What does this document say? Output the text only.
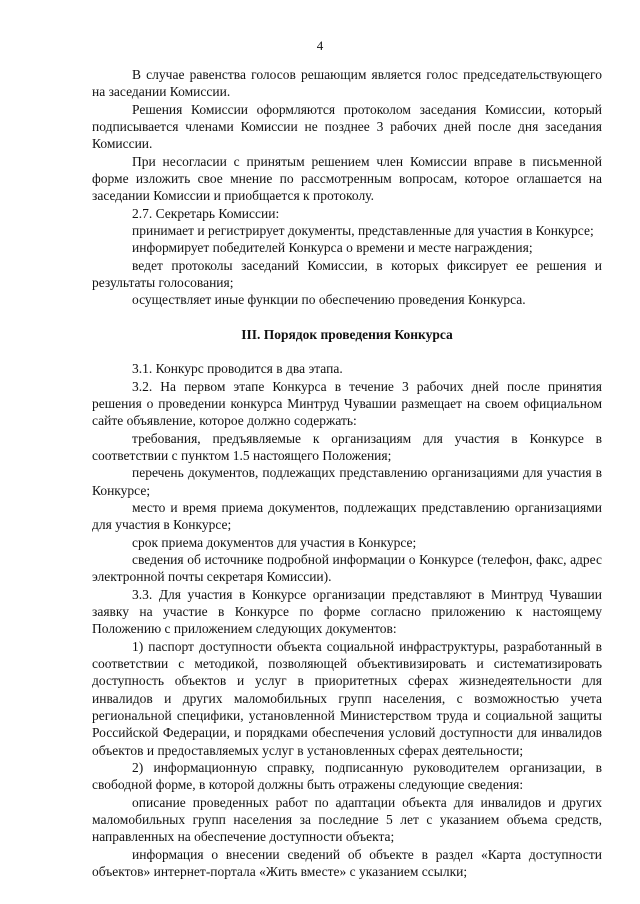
4

В случае равенства голосов решающим является голос председательствующего на заседании Комиссии.

Решения Комиссии оформляются протоколом заседания Комиссии, который подписывается членами Комиссии не позднее 3 рабочих дней после дня заседания Комиссии.

При несогласии с принятым решением член Комиссии вправе в письменной форме изложить свое мнение по рассмотренным вопросам, которое оглашается на заседании Комиссии и приобщается к протоколу.

2.7. Секретарь Комиссии:

принимает и регистрирует документы, представленные для участия в Конкурсе;

информирует победителей Конкурса о времени и месте награждения;

ведет протоколы заседаний Комиссии, в которых фиксирует ее решения и результаты голосования;

осуществляет иные функции по обеспечению проведения Конкурса.

III. Порядок проведения Конкурса

3.1. Конкурс проводится в два этапа.

3.2. На первом этапе Конкурса в течение 3 рабочих дней после принятия решения о проведении конкурса Минтруд Чувашии размещает на своем официальном сайте объявление, которое должно содержать:

требования, предъявляемые к организациям для участия в Конкурсе в соответствии с пунктом 1.5 настоящего Положения;

перечень документов, подлежащих представлению организациями для участия в Конкурсе;

место и время приема документов, подлежащих представлению организациями для участия в Конкурсе;

срок приема документов для участия в Конкурсе;

сведения об источнике подробной информации о Конкурсе (телефон, факс, адрес электронной почты секретаря Комиссии).

3.3. Для участия в Конкурсе организации представляют в Минтруд Чувашии заявку на участие в Конкурсе по форме согласно приложению к настоящему Положению с приложением следующих документов:

1) паспорт доступности объекта социальной инфраструктуры, разработанный в соответствии с методикой, позволяющей объективизировать и систематизировать доступность объектов и услуг в приоритетных сферах жизнедеятельности для инвалидов и других маломобильных групп населения, с возможностью учета региональной специфики, установленной Министерством труда и социальной защиты Российской Федерации, и порядками обеспечения условий доступности для инвалидов объектов и предоставляемых услуг в установленных сферах деятельности;

2) информационную справку, подписанную руководителем организации, в свободной форме, в которой должны быть отражены следующие сведения:

описание проведенных работ по адаптации объекта для инвалидов и других маломобильных групп населения за последние 5 лет с указанием объема средств, направленных на обеспечение доступности объекта;

информация о внесении сведений об объекте в раздел «Карта доступности объектов» интернет-портала «Жить вместе» с указанием ссылки;
